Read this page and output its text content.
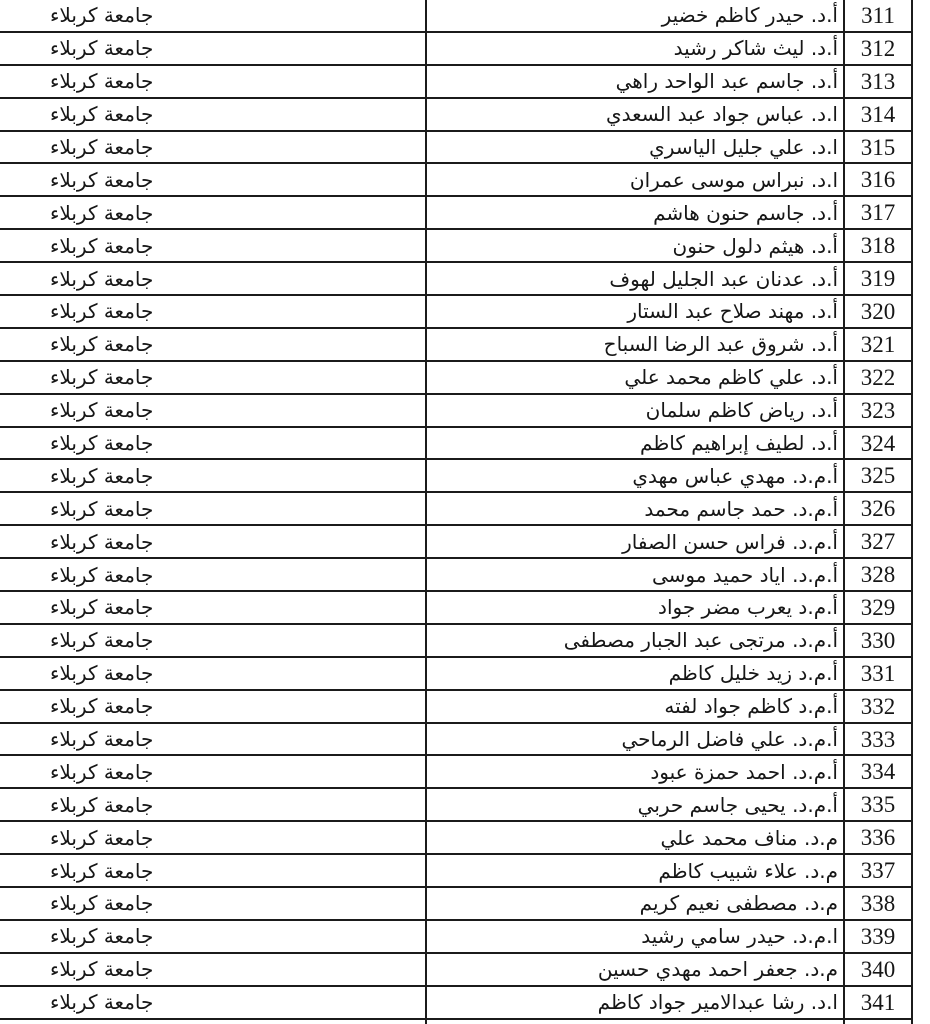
جامعة كربلاء	أ.د. حيدر كاظم خضير	311
جامعة كربلاء	أ.د. ليث شاكر رشيد 312
جامعة كربلاء	أ.د. جاسم عبد الواحد راهي 313
جامعة كربلاء	ا.د. عباس جواد عبد السعدي 314
جامعة كربلاء	ا.د. علي جليل الياسري 315
جامعة كربلاء	ا.د. نبراس موسى عمران 316
جامعة كربلاء	أ.د. جاسم حنون هاشم 317
جامعة كربلاء	أ.د. هيثم دلول حنون 318
جامعة كربلاء	أ.د. عدنان عبد الجليل لهوف 319
جامعة كربلاء	أ.د. مهند صلاح عبد الستار 320
جامعة كربلاء	أ.د. شروق عبد الرضا السباح 321
جامعة كربلاء	أ.د. علي كاظم محمد علي 322
جامعة كربلاء	أ.د. رياض كاظم سلمان 323
جامعة كربلاء	أ.د. لطيف إبراهيم كاظم 324
جامعة كربلاء	أ.م.د. مهدي عباس مهدي 325
جامعة كربلاء	أ.م.د. حمد جاسم محمد 326
جامعة كربلاء	أ.م.د. فراس حسن الصفار 327
جامعة كربلاء	أ.م.د. اياد حميد موسى 328
جامعة كربلاء	أ.م.د يعرب مضر جواد 329
جامعة كربلاء	أ.م.د. مرتجى عبد الجبار مصطفى 330
جامعة كربلاء	أ.م.د زيد خليل كاظم 331
جامعة كربلاء	أ.م.د كاظم جواد لفته 332
جامعة كربلاء	أ.م.د. علي فاضل الرماحي 333
جامعة كربلاء	أ.م.د. احمد حمزة عبود 334
جامعة كربلاء	أ.م.د. يحيى جاسم حربي 335
جامعة كربلاء	م.د. مناف محمد علي 336
جامعة كربلاء	م.د. علاء شبيب كاظم 337
جامعة كربلاء	م.د. مصطفى نعيم كريم 338
جامعة كربلاء	ا.م.د. حيدر سامي رشيد 339
جامعة كربلاء	م.د. جعفر احمد مهدي حسين 340
جامعة كربلاء	ا.د. رشا عبدالامير جواد كاظم 341
